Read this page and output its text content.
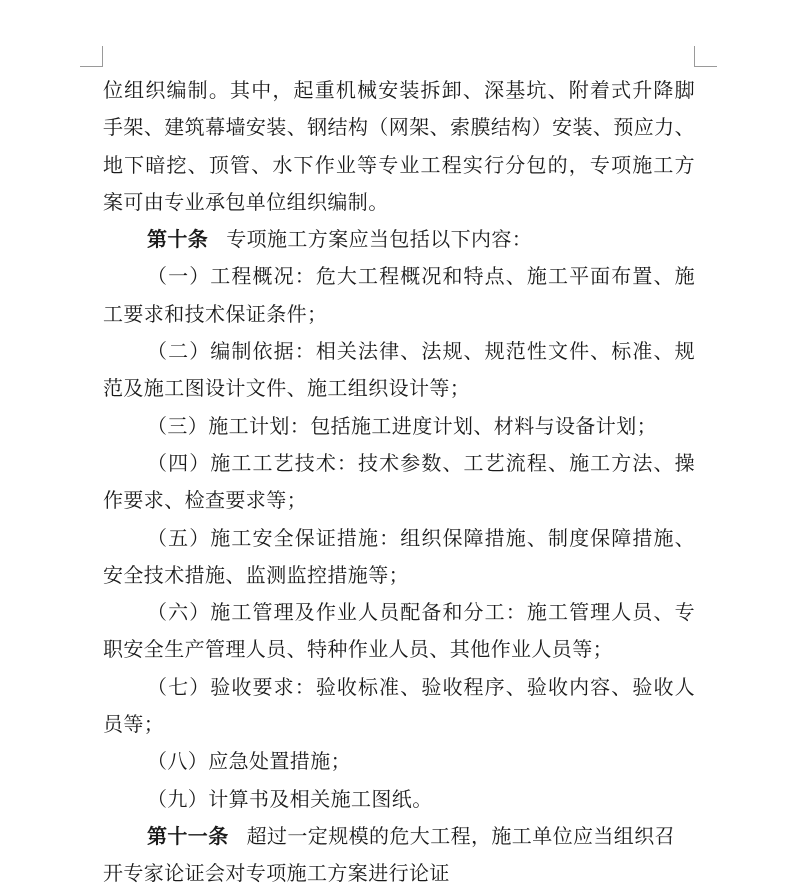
位组织编制。其中，起重机械安装拆卸、深基坑、附着式升降脚
手架、建筑幕墙安装、钢结构（网架、索膜结构）安装、预应力、
地下暗挖、顶管、水下作业等专业工程实行分包的，专项施工方
案可由专业承包单位组织编制。
第十条 专项施工方案应当包括以下内容：
（一）工程概况：危大工程概况和特点、施工平面布置、施
工要求和技术保证条件；
（二）编制依据：相关法律、法规、规范性文件、标准、规
范及施工图设计文件、施工组织设计等；
（三）施工计划：包括施工进度计划、材料与设备计划；
（四）施工工艺技术：技术参数、工艺流程、施工方法、操
作要求、检查要求等；
（五）施工安全保证措施：组织保障措施、制度保障措施、
安全技术措施、监测监控措施等；
（六）施工管理及作业人员配备和分工：施工管理人员、专
职安全生产管理人员、特种作业人员、其他作业人员等；
（七）验收要求：验收标准、验收程序、验收内容、验收人
员等；
（八）应急处置措施；
（九）计算书及相关施工图纸。
第十一条 超过一定规模的危大工程，施工单位应当组织召
开专家论证会对专项施工方案进行论证
